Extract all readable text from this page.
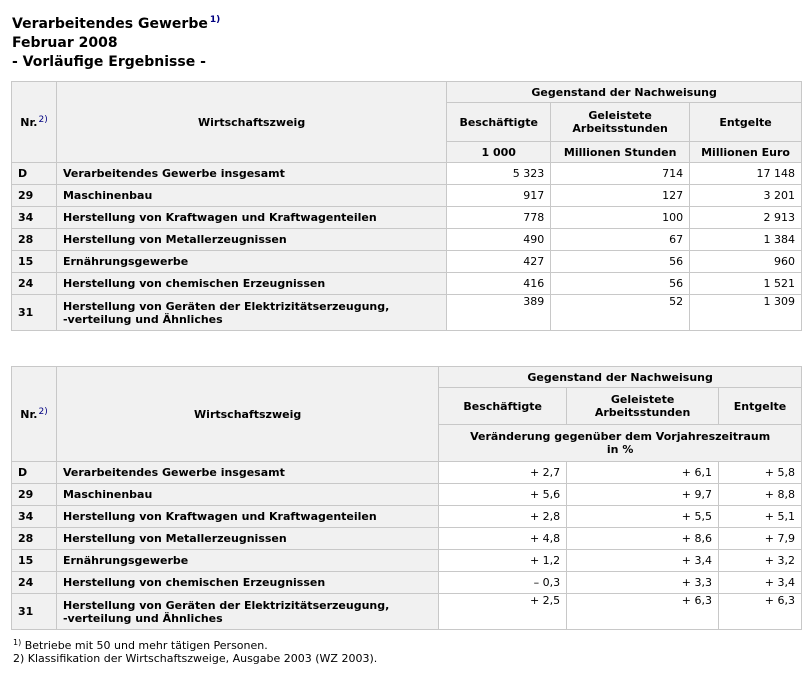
Verarbeitendes Gewerbe $^{1)}$
Februar 2008
- Vorläufige Ergebnisse -
Nr.$^{2)}$	Wirtschaftszweig	Gegenstand der Nachweisung		
		Beschäftigte	Geleistete
Arbeitsstunden	Entgelte
		1 000	Millionen Stunden	Millionen Euro
D	Verarbeitendes Gewerbe insgesamt	5 323	714	17 148
29	Maschinenbau	917	127	3 201
34	Herstellung von Kraftwagen und Kraftwagenteilen	778	100	2 913
28	Herstellung von Metallerzeugnissen	490	67	1 384
15	Ernährungsgewerbe	427	56	960
24	Herstellung von chemischen Erzeugnissen	416	56	1 521
31	Herstellung von Geräten der Elektrizitätserzeugung,
-verteilung und Ähnliches	389	52	1 309
Nr.$^{2)}$	Wirtschaftszweig	Gegenstand der Nachweisung		
		Beschäftigte	Geleistete
Arbeitsstunden	Entgelte

		Veränderung gegenüber dem Vorjahreszeitraum
in %		

D	Verarbeitendes Gewerbe insgesamt	+ 2,7	+ 6,1	+ 5,8
29	Maschinenbau	+ 5,6	+ 9,7	+ 8,8
34	Herstellung von Kraftwagen und Kraftwagenteilen	+ 2,8	+ 5,5	+ 5,1
28	Herstellung von Metallerzeugnissen	+ 4,8	+ 8,6	+ 7,9
15	Ernährungsgewerbe	+ 1,2	+ 3,4	+ 3,2
24	Herstellung von chemischen Erzeugnissen	– 0,3	+ 3,3	+ 3,4
31	Herstellung von Geräten der Elektrizitätserzeugung,
-verteilung und Ähnliches	+ 2,5	+ 6,3	+ 6,3
$^{1)}$ Betriebe mit 50 und mehr tätigen Personen.
2) Klassifikation der Wirtschaftszweige, Ausgabe 2003 (WZ 2003).
